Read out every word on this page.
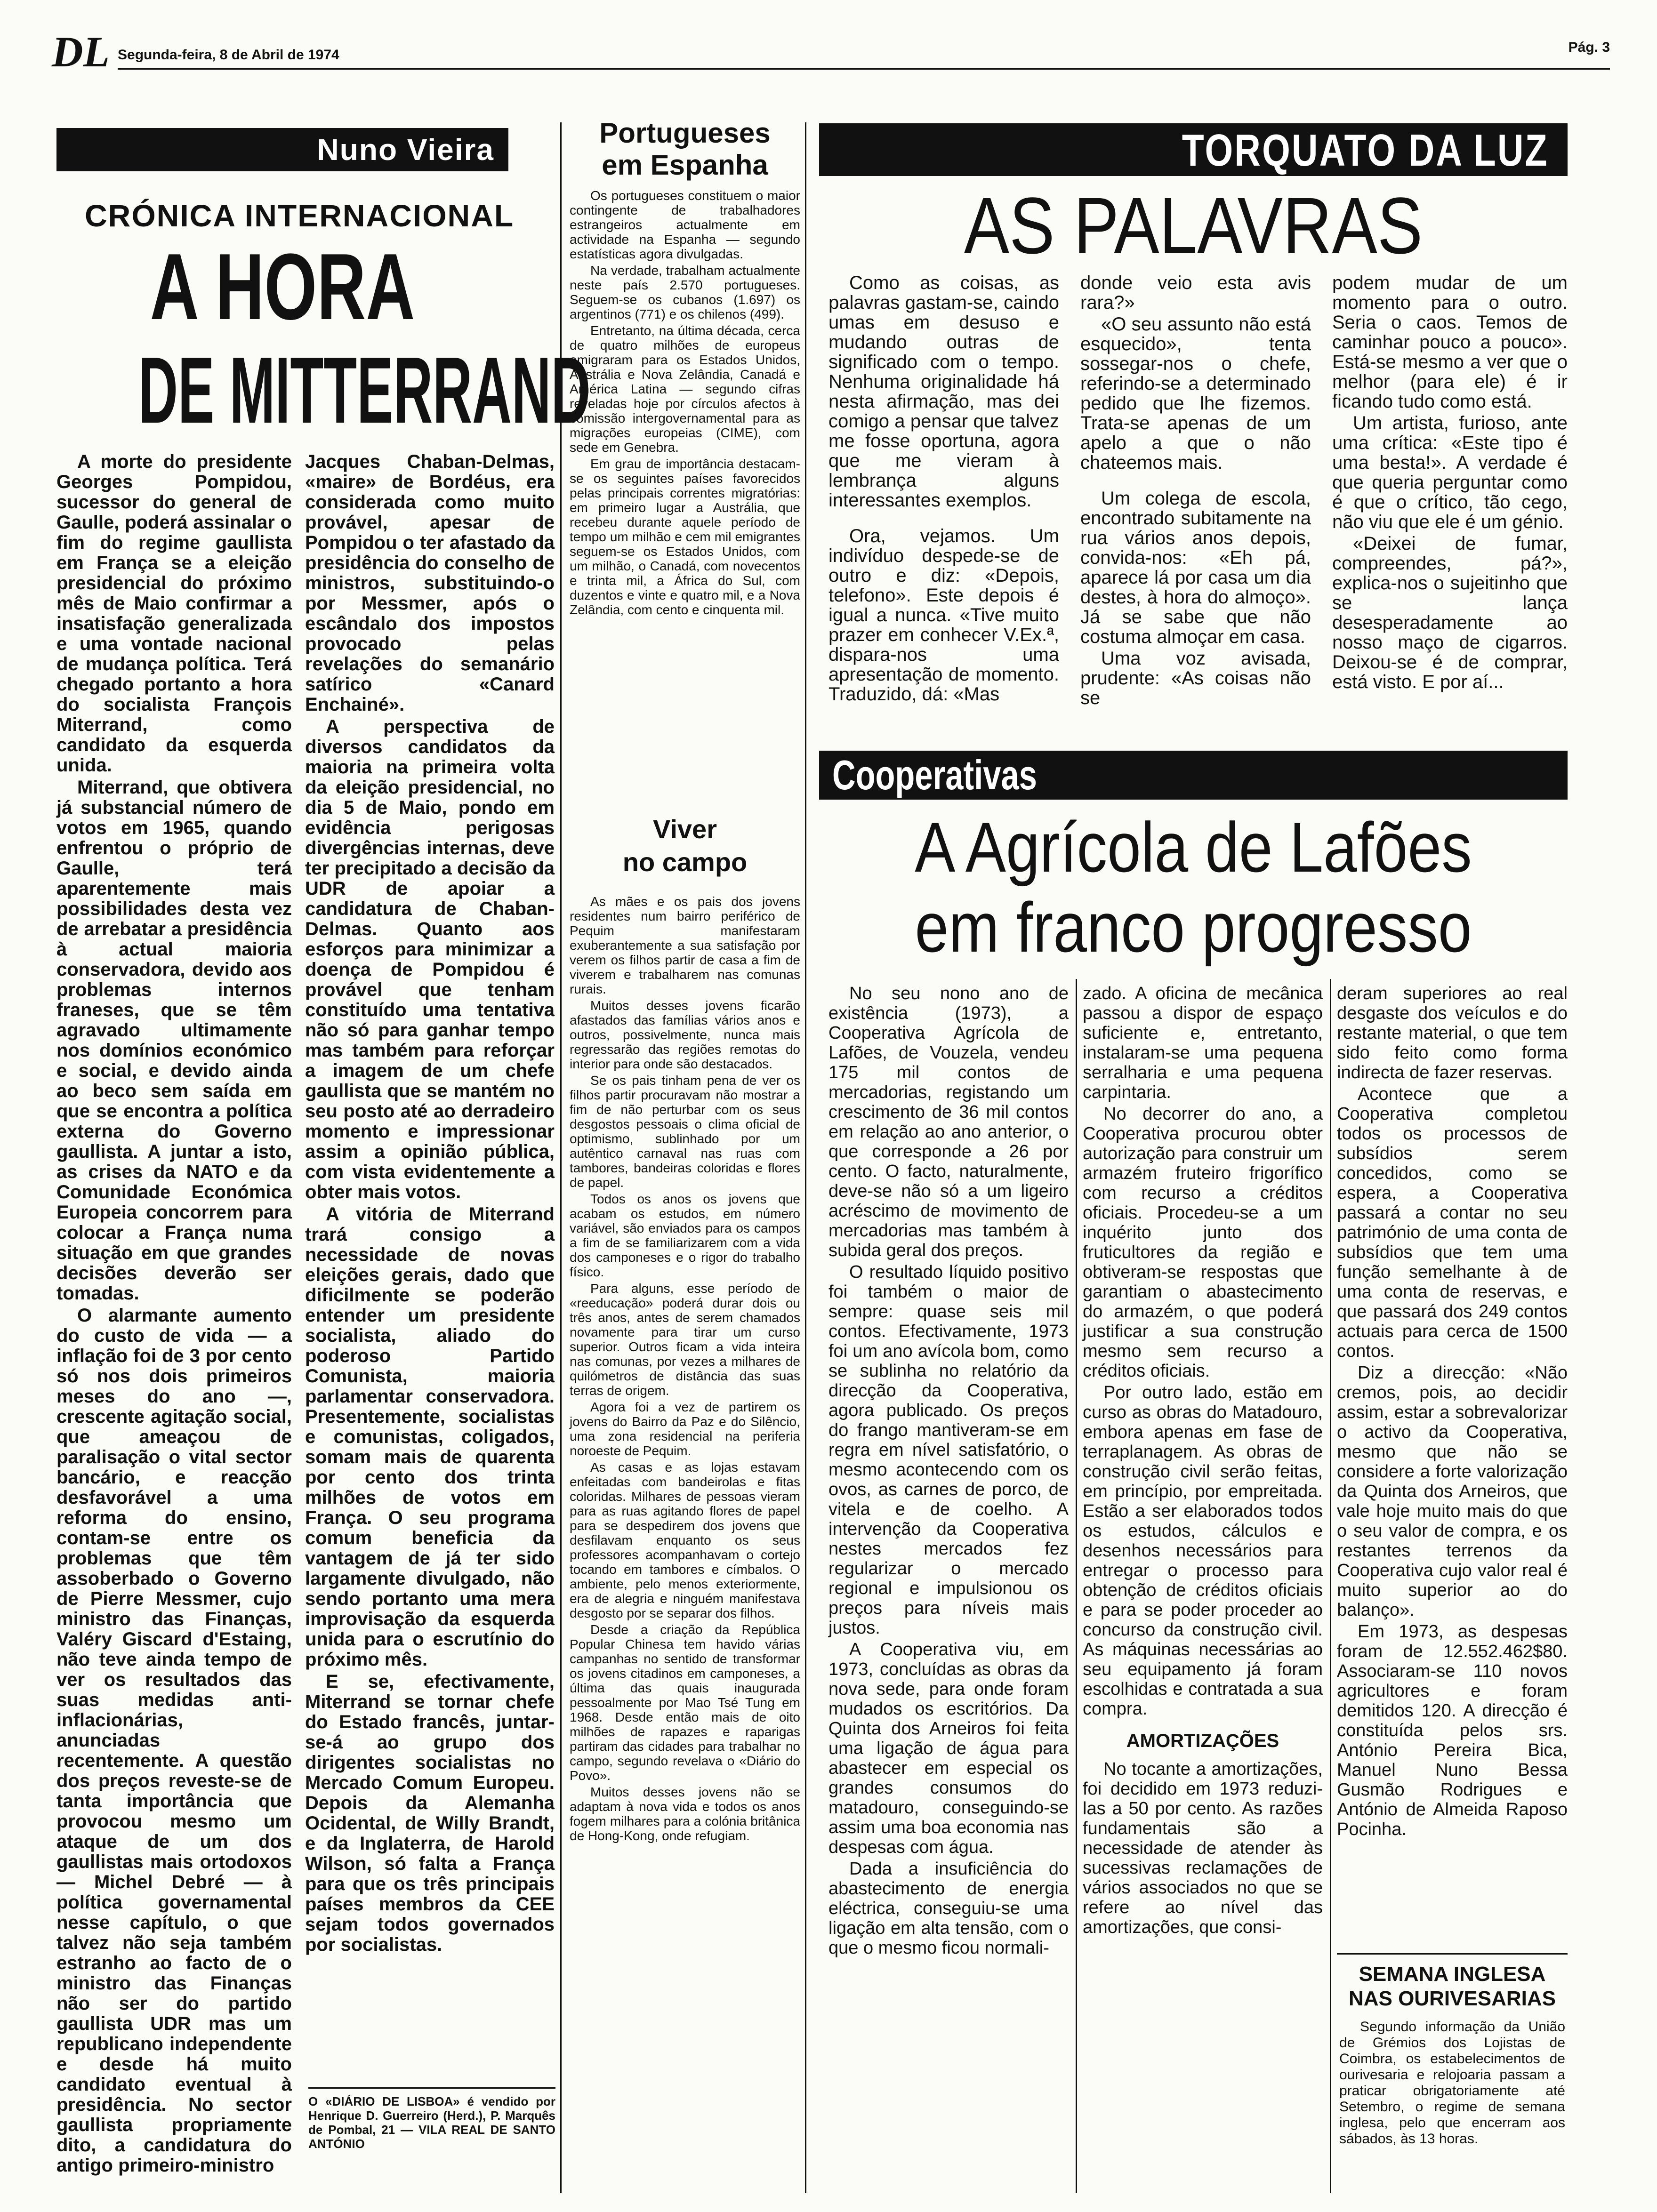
DL Segunda-feira, 8 de Abril de 1974	Pág. 3
Nuno Vieira
CRÓNICA INTERNACIONAL
A HORA
DE MITTERRAND

A morte do presidente Georges Pompidou, sucessor do general de Gaulle, poderá assinalar o fim do regime gaullista em França se a eleição presidencial do próximo mês de Maio confirmar a insatisfação generalizada e uma vontade nacional de mudança política. Terá chegado portanto a hora do socialista François Miterrand, como candidato da esquerda unida.

Miterrand, que obtivera já substancial número de votos em 1965, quando enfrentou o próprio de Gaulle, terá aparentemente mais possibilidades desta vez de arrebatar a presidência à actual maioria conservadora, devido aos problemas internos franeses, que se têm agravado ultimamente nos domínios económico e social, e devido ainda ao beco sem saída em que se encontra a política externa do Governo gaullista. A juntar a isto, as crises da NATO e da Comunidade Económica Europeia concorrem para colocar a França numa situação em que grandes decisões deverão ser tomadas.

O alarmante aumento do custo de vida — a inflação foi de 3 por cento só nos dois primeiros meses do ano —, crescente agitação social, que ameaçou de paralisação o vital sector bancário, e reacção desfavorável a uma reforma do ensino, contam-se entre os problemas que têm assoberbado o Governo de Pierre Messmer, cujo ministro das Finanças, Valéry Giscard d'Estaing, não teve ainda tempo de ver os resultados das suas medidas anti-inflacionárias, anunciadas recentemente. A questão dos preços reveste-se de tanta importância que provocou mesmo um ataque de um dos gaullistas mais ortodoxos — Michel Debré — à política governamental nesse capítulo, o que talvez não seja também estranho ao facto de o ministro das Finanças não ser do partido gaullista UDR mas um republicano independente e desde há muito candidato eventual à presidência. No sector gaullista propriamente dito, a candidatura do antigo primeiro-ministro

Jacques Chaban-Delmas, «maire» de Bordéus, era considerada como muito provável, apesar de Pompidou o ter afastado da presidência do conselho de ministros, substituindo-o por Messmer, após o escândalo dos impostos provocado pelas revelações do semanário satírico «Canard Enchainé».

A perspectiva de diversos candidatos da maioria na primeira volta da eleição presidencial, no dia 5 de Maio, pondo em evidência perigosas divergências internas, deve ter precipitado a decisão da UDR de apoiar a candidatura de Chaban-Delmas. Quanto aos esforços para minimizar a doença de Pompidou é provável que tenham constituído uma tentativa não só para ganhar tempo mas também para reforçar a imagem de um chefe gaullista que se mantém no seu posto até ao derradeiro momento e impressionar assim a opinião pública, com vista evidentemente a obter mais votos.

A vitória de Miterrand trará consigo a necessidade de novas eleições gerais, dado que dificilmente se poderão entender um presidente socialista, aliado do poderoso Partido Comunista, maioria parlamentar conservadora. Presentemente, socialistas e comunistas, coligados, somam mais de quarenta por cento dos trinta milhões de votos em França. O seu programa comum beneficia da vantagem de já ter sido largamente divulgado, não sendo portanto uma mera improvisação da esquerda unida para o escrutínio do próximo mês.

E se, efectivamente, Miterrand se tornar chefe do Estado francês, juntar-se-á ao grupo dos dirigentes socialistas no Mercado Comum Europeu. Depois da Alemanha Ocidental, de Willy Brandt, e da Inglaterra, de Harold Wilson, só falta a França para que os três principais países membros da CEE sejam todos governados por socialistas.

O «DIÁRIO DE LISBOA» é vendido por Henrique D. Guerreiro (Herd.), P. Marquês de Pombal, 21 — VILA REAL DE SANTO ANTÓNIO
Portugueses
em Espanha

Os portugueses constituem o maior contingente de trabalhadores estrangeiros actualmente em actividade na Espanha — segundo estatísticas agora divulgadas.

Na verdade, trabalham actualmente neste país 2.570 portugueses. Seguem-se os cubanos (1.697) os argentinos (771) e os chilenos (499).

Entretanto, na última década, cerca de quatro milhões de europeus emigraram para os Estados Unidos, Austrália e Nova Zelândia, Canadá e América Latina — segundo cifras reveladas hoje por círculos afectos à comissão intergovernamental para as migrações europeias (CIME), com sede em Genebra.

Em grau de importância destacam-se os seguintes países favorecidos pelas principais correntes migratórias: em primeiro lugar a Austrália, que recebeu durante aquele período de tempo um milhão e cem mil emigrantes seguem-se os Estados Unidos, com um milhão, o Canadá, com novecentos e trinta mil, a África do Sul, com duzentos e vinte e quatro mil, e a Nova Zelândia, com cento e cinquenta mil.

Viver
no campo

As mães e os pais dos jovens residentes num bairro periférico de Pequim manifestaram exuberantemente a sua satisfação por verem os filhos partir de casa a fim de viverem e trabalharem nas comunas rurais.

Muitos desses jovens ficarão afastados das famílias vários anos e outros, possivelmente, nunca mais regressarão das regiões remotas do interior para onde são destacados.

Se os pais tinham pena de ver os filhos partir procuravam não mostrar a fim de não perturbar com os seus desgostos pessoais o clima oficial de optimismo, sublinhado por um autêntico carnaval nas ruas com tambores, bandeiras coloridas e flores de papel.

Todos os anos os jovens que acabam os estudos, em número variável, são enviados para os campos a fim de se familiarizarem com a vida dos camponeses e o rigor do trabalho físico.

Para alguns, esse período de «reeducação» poderá durar dois ou três anos, antes de serem chamados novamente para tirar um curso superior. Outros ficam a vida inteira nas comunas, por vezes a milhares de quilómetros de distância das suas terras de origem.

Agora foi a vez de partirem os jovens do Bairro da Paz e do Silêncio, uma zona residencial na periferia noroeste de Pequim.

As casas e as lojas estavam enfeitadas com bandeirolas e fitas coloridas. Milhares de pessoas vieram para as ruas agitando flores de papel para se despedirem dos jovens que desfilavam enquanto os seus professores acompanhavam o cortejo tocando em tambores e címbalos. O ambiente, pelo menos exteriormente, era de alegria e ninguém manifestava desgosto por se separar dos filhos.

Desde a criação da República Popular Chinesa tem havido várias campanhas no sentido de transformar os jovens citadinos em camponeses, a última das quais inaugurada pessoalmente por Mao Tsé Tung em 1968. Desde então mais de oito milhões de rapazes e raparigas partiram das cidades para trabalhar no campo, segundo revelava o «Diário do Povo».

Muitos desses jovens não se adaptam à nova vida e todos os anos fogem milhares para a colónia britânica de Hong-Kong, onde refugiam.

TORQUATO DA LUZ
AS PALAVRAS

Como as coisas, as palavras gastam-se, caindo umas em desuso e mudando outras de significado com o tempo. Nenhuma originalidade há nesta afirmação, mas dei comigo a pensar que talvez me fosse oportuna, agora que me vieram à lembrança alguns interessantes exemplos.

Ora, vejamos. Um indivíduo despede-se de outro e diz: «Depois, telefono». Este depois é igual a nunca. «Tive muito prazer em conhecer V.Ex.ª, dispara-nos uma apresentação de momento. Traduzido, dá: «Mas

donde veio esta avis rara?»

«O seu assunto não está esquecido», tenta sossegar-nos o chefe, referindo-se a determinado pedido que lhe fizemos. Trata-se apenas de um apelo a que o não chateemos mais.

Um colega de escola, encontrado subitamente na rua vários anos depois, convida-nos: «Eh pá, aparece lá por casa um dia destes, à hora do almoço». Já se sabe que não costuma almoçar em casa.

Uma voz avisada, prudente: «As coisas não se

podem mudar de um momento para o outro. Seria o caos. Temos de caminhar pouco a pouco». Está-se mesmo a ver que o melhor (para ele) é ir ficando tudo como está.

Um artista, furioso, ante uma crítica: «Este tipo é uma besta!». A verdade é que queria perguntar como é que o crítico, tão cego, não viu que ele é um génio.

«Deixei de fumar, compreendes, pá?», explica-nos o sujeitinho que se lança desesperadamente ao nosso maço de cigarros. Deixou-se é de comprar, está visto. E por aí...

Cooperativas
A Agrícola de Lafões
em franco progresso

No seu nono ano de existência (1973), a Cooperativa Agrícola de Lafões, de Vouzela, vendeu 175 mil contos de mercadorias, registando um crescimento de 36 mil contos em relação ao ano anterior, o que corresponde a 26 por cento. O facto, naturalmente, deve-se não só a um ligeiro acréscimo de movimento de mercadorias mas também à subida geral dos preços.

O resultado líquido positivo foi também o maior de sempre: quase seis mil contos. Efectivamente, 1973 foi um ano avícola bom, como se sublinha no relatório da direcção da Cooperativa, agora publicado. Os preços do frango mantiveram-se em regra em nível satisfatório, o mesmo acontecendo com os ovos, as carnes de porco, de vitela e de coelho. A intervenção da Cooperativa nestes mercados fez regularizar o mercado regional e impulsionou os preços para níveis mais justos.

A Cooperativa viu, em 1973, concluídas as obras da nova sede, para onde foram mudados os escritórios. Da Quinta dos Arneiros foi feita uma ligação de água para abastecer em especial os grandes consumos do matadouro, conseguindo-se assim uma boa economia nas despesas com água.

Dada a insuficiência do abastecimento de energia eléctrica, conseguiu-se uma ligação em alta tensão, com o que o mesmo ficou normali-

zado. A oficina de mecânica passou a dispor de espaço suficiente e, entretanto, instalaram-se uma pequena serralharia e uma pequena carpintaria.

No decorrer do ano, a Cooperativa procurou obter autorização para construir um armazém fruteiro frigorífico com recurso a créditos oficiais. Procedeu-se a um inquérito junto dos fruticultores da região e obtiveram-se respostas que garantiam o abastecimento do armazém, o que poderá justificar a sua construção mesmo sem recurso a créditos oficiais.

Por outro lado, estão em curso as obras do Matadouro, embora apenas em fase de terraplanagem. As obras de construção civil serão feitas, em princípio, por empreitada. Estão a ser elaborados todos os estudos, cálculos e desenhos necessários para entregar o processo para obtenção de créditos oficiais e para se poder proceder ao concurso da construção civil. As máquinas necessárias ao seu equipamento já foram escolhidas e contratada a sua compra.

AMORTIZAÇÕES

No tocante a amortizações, foi decidido em 1973 reduzi-las a 50 por cento. As razões fundamentais são a necessidade de atender às sucessivas reclamações de vários associados no que se refere ao nível das amortizações, que consi-

deram superiores ao real desgaste dos veículos e do restante material, o que tem sido feito como forma indirecta de fazer reservas.

Acontece que a Cooperativa completou todos os processos de subsídios serem concedidos, como se espera, a Cooperativa passará a contar no seu património de uma conta de subsídios que tem uma função semelhante à de uma conta de reservas, e que passará dos 249 contos actuais para cerca de 1500 contos.

Diz a direcção: «Não cremos, pois, ao decidir assim, estar a sobrevalorizar o activo da Cooperativa, mesmo que não se considere a forte valorização da Quinta dos Arneiros, que vale hoje muito mais do que o seu valor de compra, e os restantes terrenos da Cooperativa cujo valor real é muito superior ao do balanço».

Em 1973, as despesas foram de 12.552.462$80. Associaram-se 110 novos agricultores e foram demitidos 120. A direcção é constituída pelos srs. António Pereira Bica, Manuel Nuno Bessa Gusmão Rodrigues e António de Almeida Raposo Pocinha.

SEMANA INGLESA
NAS OURIVESARIAS
Segundo informação da União de Grémios dos Lojistas de Coimbra, os estabelecimentos de ourivesaria e relojoaria passam a praticar obrigatoriamente até Setembro, o regime de semana inglesa, pelo que encerram aos sábados, às 13 horas.
